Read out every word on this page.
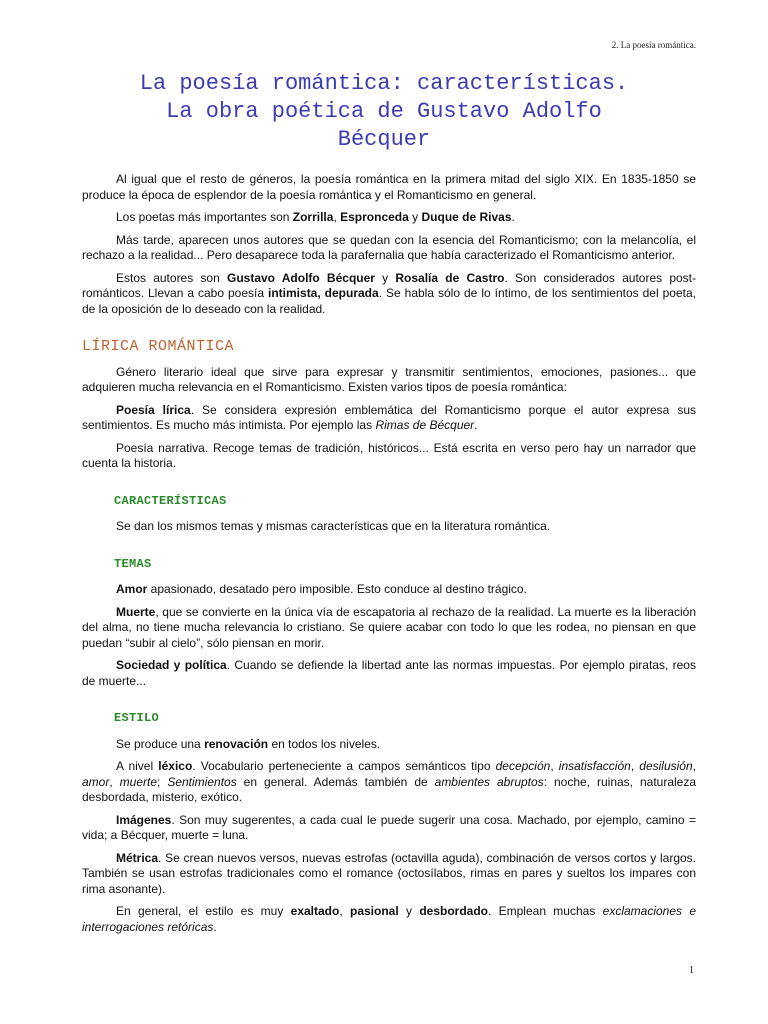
2. La poesía romántica.
La poesía romántica: características.
La obra poética de Gustavo Adolfo
Bécquer

Al igual que el resto de géneros, la poesía romántica en la primera mitad del siglo XIX. En 1835-1850 se produce la época de esplendor de la poesía romántica y el Romanticismo en general.

Los poetas más importantes son Zorrilla, Espronceda y Duque de Rivas.

Más tarde, aparecen unos autores que se quedan con la esencia del Romanticismo; con la melancolía, el rechazo a la realidad... Pero desaparece toda la parafernalia que había caracterizado el Romanticismo anterior.

Estos autores son Gustavo Adolfo Bécquer y Rosalía de Castro. Son considerados autores post-románticos. Llevan a cabo poesía intimista, depurada. Se habla sólo de lo íntimo, de los sentimientos del poeta, de la oposición de lo deseado con la realidad.

LÍRICA ROMÁNTICA

Género literario ideal que sirve para expresar y transmitir sentimientos, emociones, pasiones... que adquieren mucha relevancia en el Romanticismo. Existen varios tipos de poesía romántica:

Poesía lírica. Se considera expresión emblemática del Romanticismo porque el autor expresa sus sentimientos. Es mucho más intimista. Por ejemplo las Rimas de Bécquer.

Poesía narrativa. Recoge temas de tradición, históricos... Está escrita en verso pero hay un narrador que cuenta la historia.

CARACTERÍSTICAS

Se dan los mismos temas y mismas características que en la literatura romántica.

TEMAS

Amor apasionado, desatado pero imposible. Esto conduce al destino trágico.

Muerte, que se convierte en la única vía de escapatoria al rechazo de la realidad. La muerte es la liberación del alma, no tiene mucha relevancia lo cristiano. Se quiere acabar con todo lo que les rodea, no piensan en que puedan “subir al cielo”, sólo piensan en morir.

Sociedad y política. Cuando se defiende la libertad ante las normas impuestas. Por ejemplo piratas, reos de muerte...

ESTILO

Se produce una renovación en todos los niveles.

A nivel léxico. Vocabulario perteneciente a campos semánticos tipo decepción, insatisfacción, desilusión, amor, muerte; Sentimientos en general. Además también de ambientes abruptos: noche, ruinas, naturaleza desbordada, misterio, exótico.

Imágenes. Son muy sugerentes, a cada cual le puede sugerir una cosa. Machado, por ejemplo, camino = vida; a Bécquer, muerte = luna.

Métrica. Se crean nuevos versos, nuevas estrofas (octavilla aguda), combinación de versos cortos y largos. También se usan estrofas tradicionales como el romance (octosílabos, rimas en pares y sueltos los impares con rima asonante).

En general, el estilo es muy exaltado, pasional y desbordado. Emplean muchas exclamaciones e interrogaciones retóricas.

1
